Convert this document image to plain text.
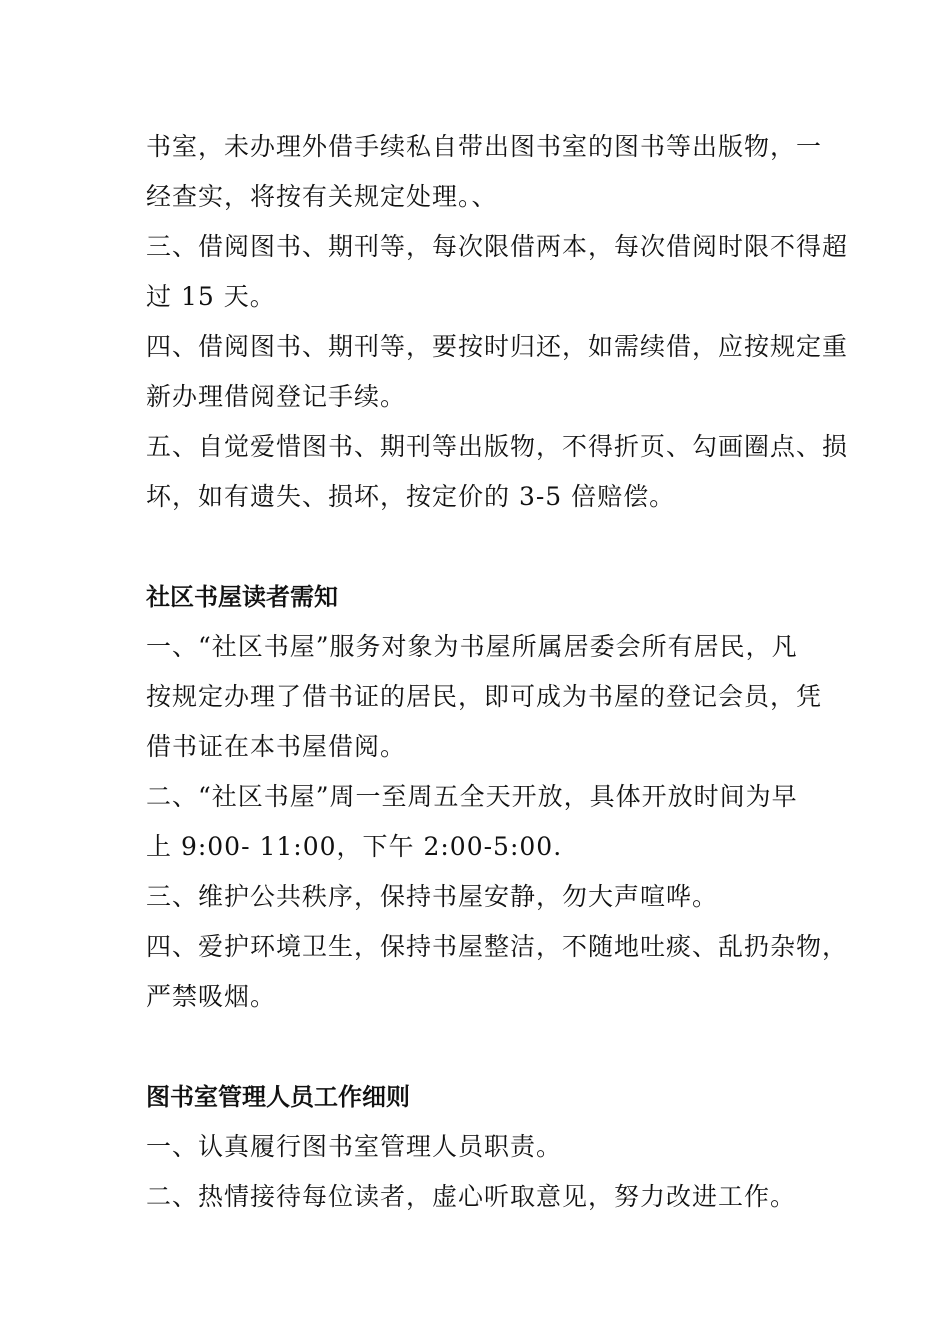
书室，未办理外借手续私自带出图书室的图书等出版物，一

经查实，将按有关规定处理。、

三、借阅图书、期刊等，每次限借两本，每次借阅时限不得超

过 15 天。

四、借阅图书、期刊等，要按时归还，如需续借，应按规定重

新办理借阅登记手续。

五、自觉爱惜图书、期刊等出版物，不得折页、勾画圈点、损

坏，如有遗失、损坏，按定价的 3-5 倍赔偿。

社区书屋读者需知

一、“社区书屋”服务对象为书屋所属居委会所有居民，凡

按规定办理了借书证的居民，即可成为书屋的登记会员，凭

借书证在本书屋借阅。

二、“社区书屋”周一至周五全天开放，具体开放时间为早

上 9:00- 11:00，下午 2:00-5:00.

三、维护公共秩序，保持书屋安静，勿大声喧哗。

四、爱护环境卫生，保持书屋整洁，不随地吐痰、乱扔杂物，

严禁吸烟。

图书室管理人员工作细则

一、认真履行图书室管理人员职责。

二、热情接待每位读者，虚心听取意见，努力改进工作。
